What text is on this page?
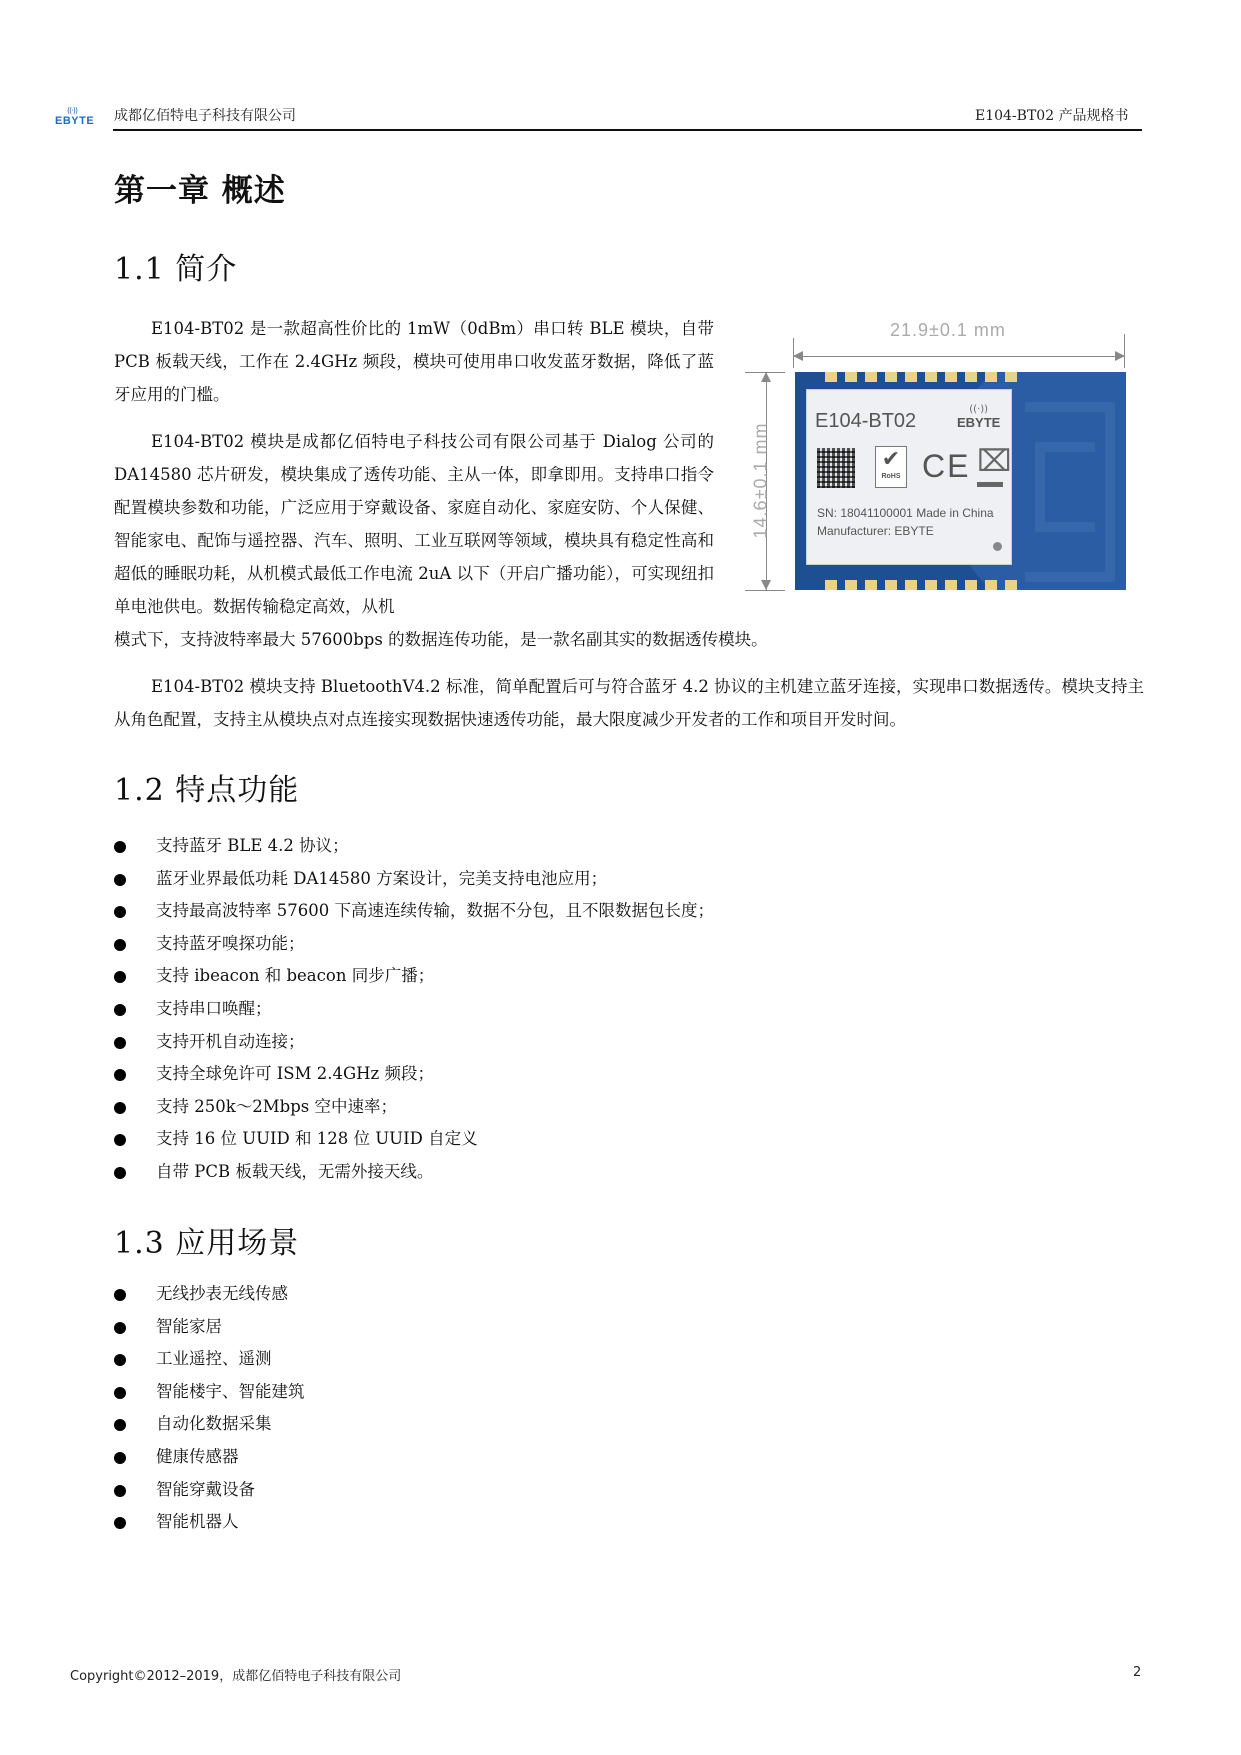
((·))
EBYTE 成都亿佰特电子科技有限公司	E104-BT02 产品规格书
第一章 概述
1.1 简介
E104-BT02 是一款超高性价比的 1mW（0dBm）串口转 BLE 模块，自带 PCB 板载天线，工作在 2.4GHz 频段，模块可使用串口收发蓝牙数据，降低了蓝牙应用的门槛。
E104-BT02 模块是成都亿佰特电子科技公司有限公司基于 Dialog 公司的 DA14580 芯片研发，模块集成了透传功能、主从一体，即拿即用。支持串口指令配置模块参数和功能，广泛应用于穿戴设备、家庭自动化、家庭安防、个人保健、智能家电、配饰与遥控器、汽车、照明、工业互联网等领域，模块具有稳定性高和超低的睡眠功耗，从机模式最低工作电流 2uA 以下（开启广播功能），可实现纽扣单电池供电。数据传输稳定高效，从机
模式下，支持波特率最大 57600bps 的数据连传功能，是一款名副其实的数据透传模块。
E104-BT02 模块支持 BluetoothV4.2 标准，简单配置后可与符合蓝牙 4.2 协议的主机建立蓝牙连接，实现串口数据透传。模块支持主从角色配置，支持主从模块点对点连接实现数据快速透传功能，最大限度减少开发者的工作和项目开发时间。
21.9±0.1 mm
14.6±0.1 mm
E104-BT02
((·))
EBYTE
✔
RoHS CE ⌧
SN: 18041100001 Made in China
Manufacturer: EBYTE
1.2 特点功能
支持蓝牙 BLE 4.2 协议；
蓝牙业界最低功耗 DA14580 方案设计，完美支持电池应用；
支持最高波特率 57600 下高速连续传输，数据不分包，且不限数据包长度；
支持蓝牙嗅探功能；
支持 ibeacon 和 beacon 同步广播；
支持串口唤醒；
支持开机自动连接；
支持全球免许可 ISM 2.4GHz 频段；
支持 250k～2Mbps 空中速率；
支持 16 位 UUID 和 128 位 UUID 自定义
自带 PCB 板载天线，无需外接天线。
1.3 应用场景
无线抄表无线传感
智能家居
工业遥控、遥测
智能楼宇、智能建筑
自动化数据采集
健康传感器
智能穿戴设备
智能机器人
Copyright©2012–2019，成都亿佰特电子科技有限公司	2
